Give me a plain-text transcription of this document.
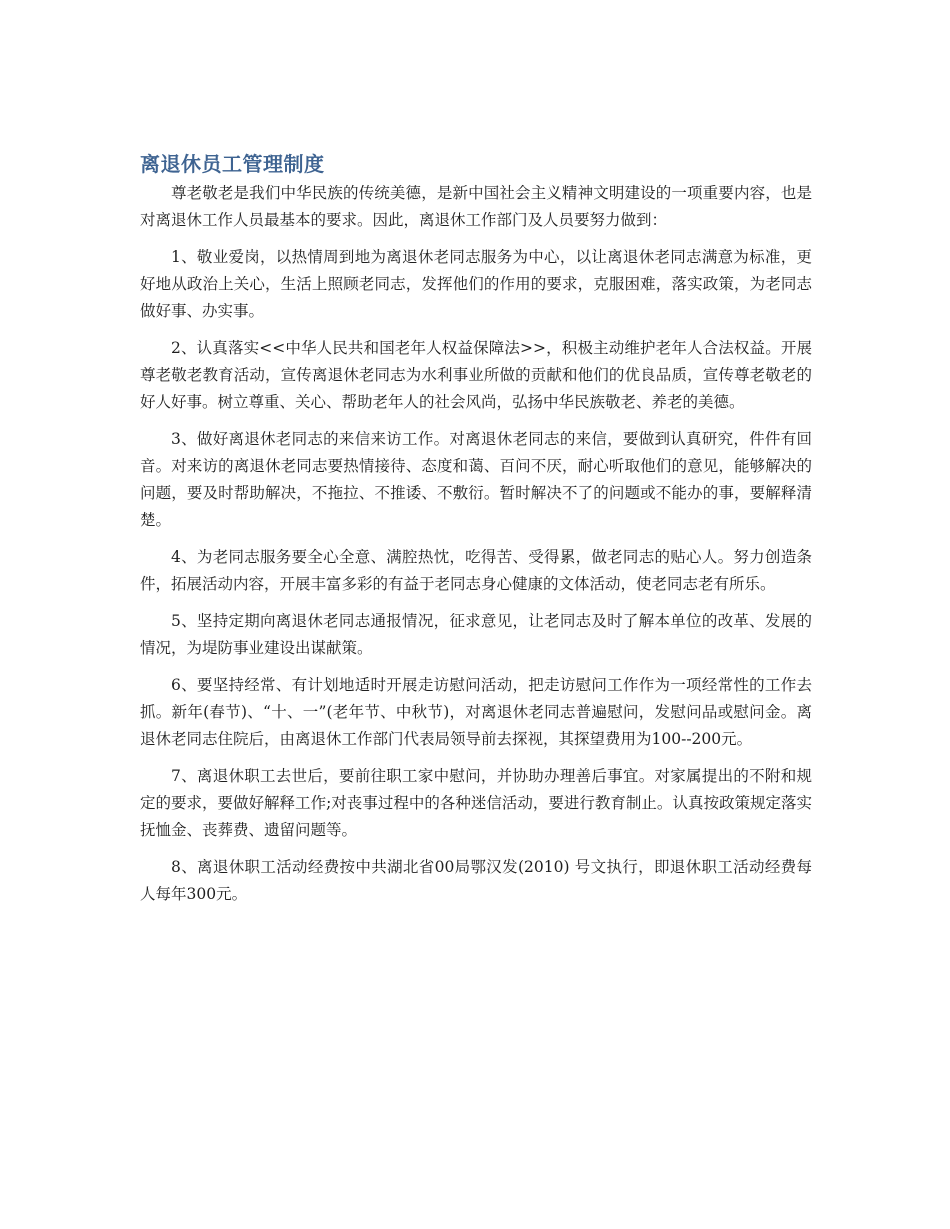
离退休员工管理制度

尊老敬老是我们中华民族的传统美德，是新中国社会主义精神文明建设的一项重要内容，也是对离退休工作人员最基本的要求。因此，离退休工作部门及人员要努力做到：

1、敬业爱岗，以热情周到地为离退休老同志服务为中心，以让离退休老同志满意为标准，更好地从政治上关心，生活上照顾老同志，发挥他们的作用的要求，克服困难，落实政策，为老同志做好事、办实事。

2、认真落实<<中华人民共和国老年人权益保障法>>，积极主动维护老年人合法权益。开展尊老敬老教育活动，宣传离退休老同志为水利事业所做的贡献和他们的优良品质，宣传尊老敬老的好人好事。树立尊重、关心、帮助老年人的社会风尚，弘扬中华民族敬老、养老的美德。

3、做好离退休老同志的来信来访工作。对离退休老同志的来信，要做到认真研究，件件有回音。对来访的离退休老同志要热情接待、态度和蔼、百问不厌，耐心听取他们的意见，能够解决的问题，要及时帮助解决，不拖拉、不推诿、不敷衍。暂时解决不了的问题或不能办的事，要解释清楚。

4、为老同志服务要全心全意、满腔热忱，吃得苦、受得累，做老同志的贴心人。努力创造条件，拓展活动内容，开展丰富多彩的有益于老同志身心健康的文体活动，使老同志老有所乐。

5、坚持定期向离退休老同志通报情况，征求意见，让老同志及时了解本单位的改革、发展的情况，为堤防事业建设出谋献策。

6、要坚持经常、有计划地适时开展走访慰问活动，把走访慰问工作作为一项经常性的工作去抓。新年(春节)、“十、一”(老年节、中秋节)，对离退休老同志普遍慰问，发慰问品或慰问金。离退休老同志住院后，由离退休工作部门代表局领导前去探视，其探望费用为100--200元。

7、离退休职工去世后，要前往职工家中慰问，并协助办理善后事宜。对家属提出的不附和规定的要求，要做好解释工作;对丧事过程中的各种迷信活动，要进行教育制止。认真按政策规定落实抚恤金、丧葬费、遗留问题等。

8、离退休职工活动经费按中共湖北省00局鄂汉发(2010) 号文执行，即退休职工活动经费每人每年300元。
